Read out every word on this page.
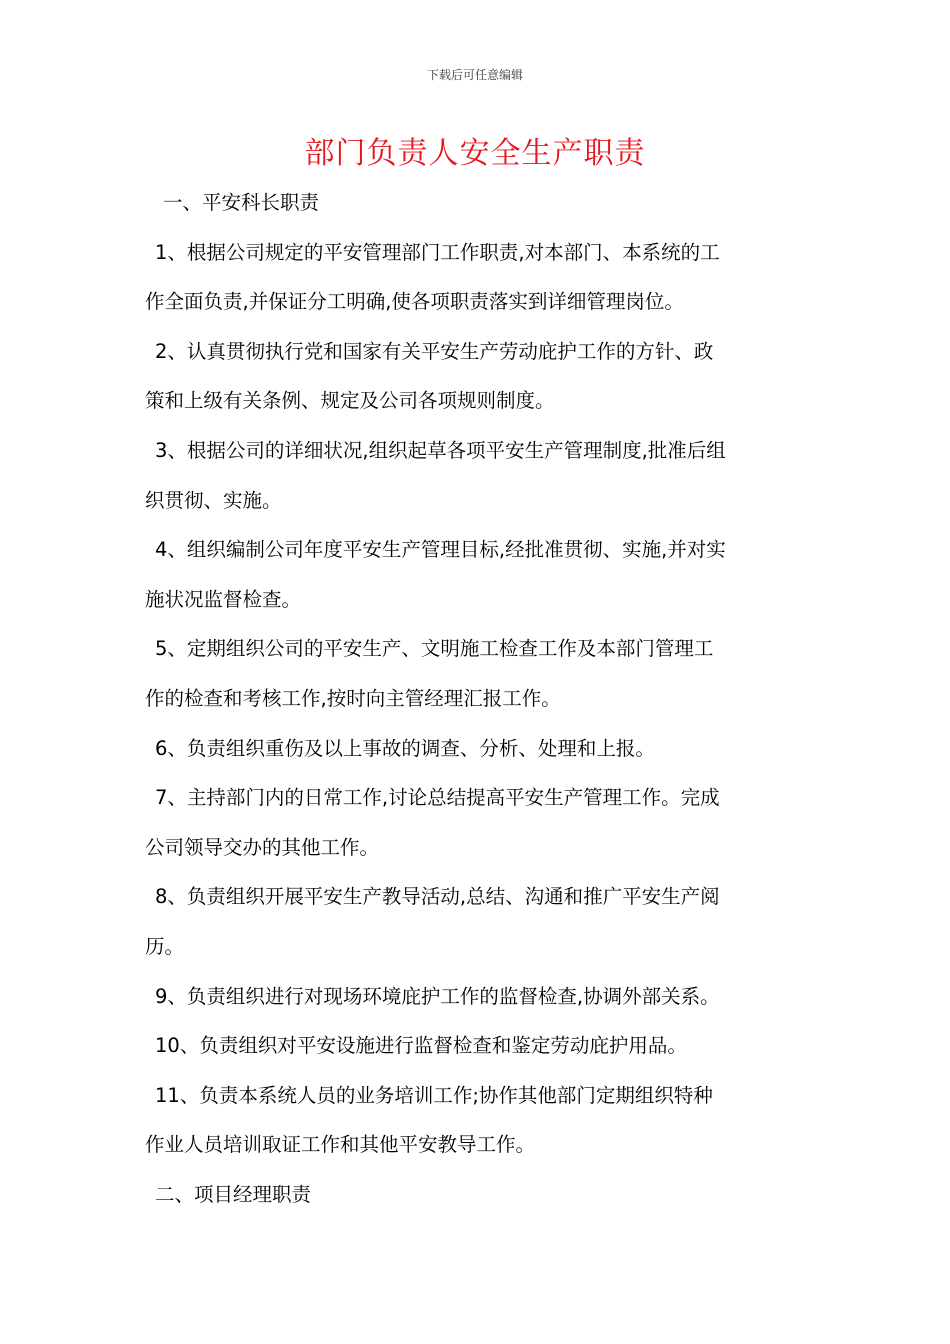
下载后可任意编辑
部门负责人安全生产职责
一、平安科长职责
1、根据公司规定的平安管理部门工作职责,对本部门、本系统的工
作全面负责,并保证分工明确,使各项职责落实到详细管理岗位。
2、认真贯彻执行党和国家有关平安生产劳动庇护工作的方针、政
策和上级有关条例、规定及公司各项规则制度。
3、根据公司的详细状况,组织起草各项平安生产管理制度,批准后组
织贯彻、实施。
4、组织编制公司年度平安生产管理目标,经批准贯彻、实施,并对实
施状况监督检查。
5、定期组织公司的平安生产、文明施工检查工作及本部门管理工
作的检查和考核工作,按时向主管经理汇报工作。
6、负责组织重伤及以上事故的调查、分析、处理和上报。
7、主持部门内的日常工作,讨论总结提高平安生产管理工作。完成
公司领导交办的其他工作。
8、负责组织开展平安生产教导活动,总结、沟通和推广平安生产阅
历。
9、负责组织进行对现场环境庇护工作的监督检查,协调外部关系。
10、负责组织对平安设施进行监督检查和鉴定劳动庇护用品。
11、负责本系统人员的业务培训工作;协作其他部门定期组织特种
作业人员培训取证工作和其他平安教导工作。
二、项目经理职责
